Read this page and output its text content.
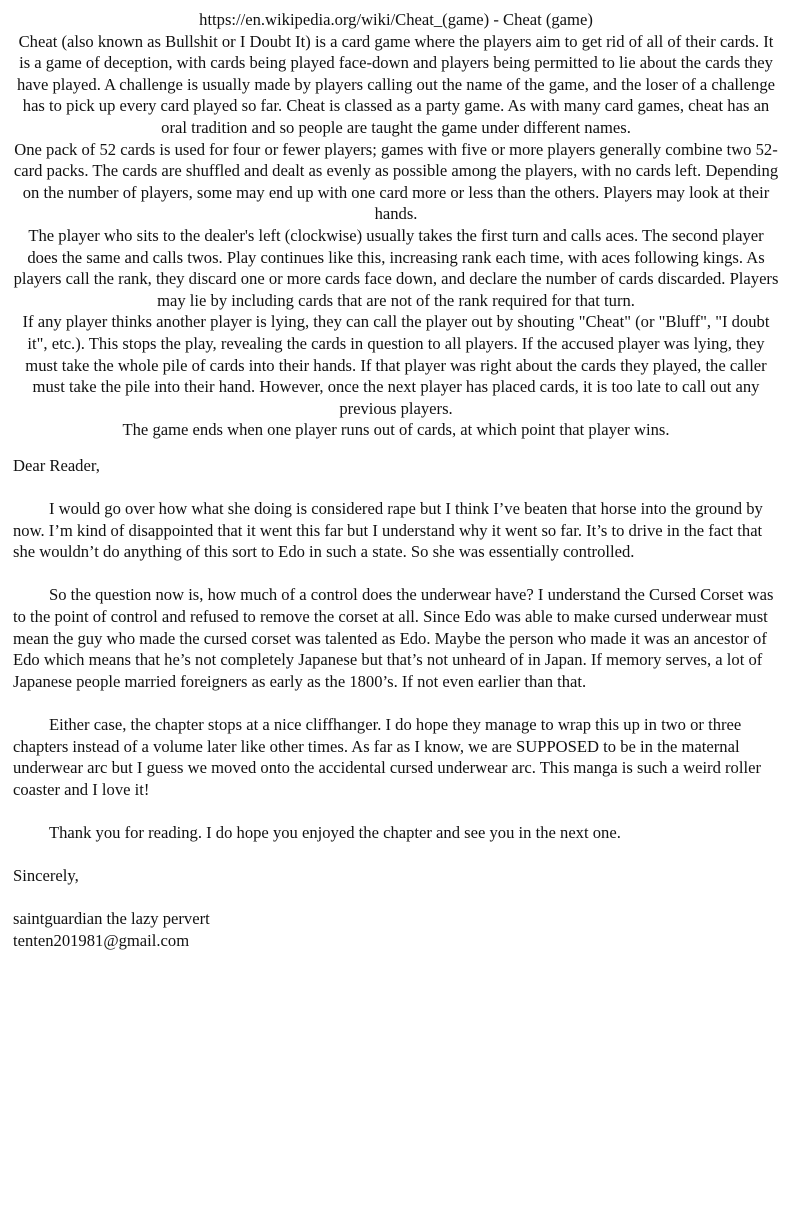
https://en.wikipedia.org/wiki/Cheat_(game) - Cheat (game)

Cheat (also known as Bullshit or I Doubt It) is a card game where the players aim to get rid of all of their cards. It is a game of deception, with cards being played face-down and players being permitted to lie about the cards they have played. A challenge is usually made by players calling out the name of the game, and the loser of a challenge has to pick up every card played so far. Cheat is classed as a party game. As with many card games, cheat has an oral tradition and so people are taught the game under different names.

One pack of 52 cards is used for four or fewer players; games with five or more players generally combine two 52-card packs. The cards are shuffled and dealt as evenly as possible among the players, with no cards left. Depending on the number of players, some may end up with one card more or less than the others. Players may look at their hands.

The player who sits to the dealer's left (clockwise) usually takes the first turn and calls aces. The second player does the same and calls twos. Play continues like this, increasing rank each time, with aces following kings. As players call the rank, they discard one or more cards face down, and declare the number of cards discarded. Players may lie by including cards that are not of the rank required for that turn.

If any player thinks another player is lying, they can call the player out by shouting "Cheat" (or "Bluff", "I doubt it", etc.). This stops the play, revealing the cards in question to all players. If the accused player was lying, they must take the whole pile of cards into their hands. If that player was right about the cards they played, the caller must take the pile into their hand. However, once the next player has placed cards, it is too late to call out any previous players.

The game ends when one player runs out of cards, at which point that player wins.

Dear Reader,

I would go over how what she doing is considered rape but I think I’ve beaten that horse into the ground by now. I’m kind of disappointed that it went this far but I understand why it went so far. It’s to drive in the fact that she wouldn’t do anything of this sort to Edo in such a state. So she was essentially controlled.

So the question now is, how much of a control does the underwear have? I understand the Cursed Corset was to the point of control and refused to remove the corset at all. Since Edo was able to make cursed underwear must mean the guy who made the cursed corset was talented as Edo. Maybe the person who made it was an ancestor of Edo which means that he’s not completely Japanese but that’s not unheard of in Japan. If memory serves, a lot of Japanese people married foreigners as early as the 1800’s. If not even earlier than that.

Either case, the chapter stops at a nice cliffhanger. I do hope they manage to wrap this up in two or three chapters instead of a volume later like other times. As far as I know, we are SUPPOSED to be in the maternal underwear arc but I guess we moved onto the accidental cursed underwear arc. This manga is such a weird roller coaster and I love it!

Thank you for reading. I do hope you enjoyed the chapter and see you in the next one.

Sincerely,

saintguardian the lazy pervert
tenten201981@gmail.com
